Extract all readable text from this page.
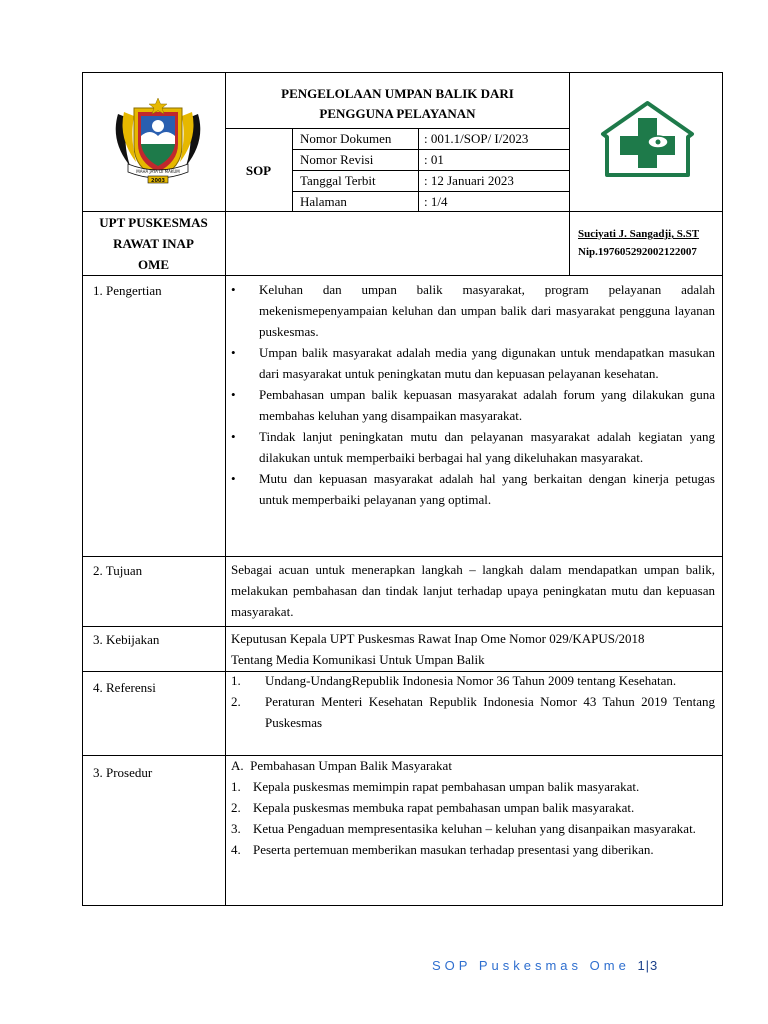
MAHA JAYA DI MAKUM
2003
PENGELOLAAN UMPAN BALIK DARI
PENGGUNA PELAYANAN
SOP
Nomor Dokumen	: 001.1/SOP/ I/2023
Nomor Revisi	: 01
Tanggal Terbit	: 12 Januari 2023
Halaman	: 1/4
UPT PUSKESMAS
RAWAT INAP
OME
Suciyati J. Sangadji, S.ST
Nip.197605292002122007
1. Pengertian	• Keluhan dan umpan balik masyarakat, program pelayanan adalah mekenismepenyampaian keluhan dan umpan balik dari masyarakat pengguna layanan puskesmas.
• Umpan balik masyarakat adalah media yang digunakan untuk mendapatkan masukan dari masyarakat untuk peningkatan mutu dan kepuasan pelayanan kesehatan.
• Pembahasan umpan balik kepuasan masyarakat adalah forum yang dilakukan guna membahas keluhan yang disampaikan masyarakat.
• Tindak lanjut peningkatan mutu dan pelayanan masyarakat adalah kegiatan yang dilakukan untuk memperbaiki berbagai hal yang dikeluhakan masyarakat.
• Mutu dan kepuasan masyarakat adalah hal yang berkaitan dengan kinerja petugas untuk memperbaiki pelayanan yang optimal.
2. Tujuan	Sebagai acuan untuk menerapkan langkah – langkah dalam mendapatkan umpan balik, melakukan pembahasan dan tindak lanjut terhadap upaya peningkatan mutu dan kepuasan masyarakat.

3. Kebijakan	Keputusan Kepala UPT Puskesmas Rawat Inap Ome Nomor 029/KAPUS/2018
Tentang Media Komunikasi Untuk Umpan Balik
4. Referensi	1. Undang-UndangRepublik Indonesia Nomor 36 Tahun 2009 tentang Kesehatan.
2. Peraturan Menteri Kesehatan Republik Indonesia Nomor 43 Tahun 2019 Tentang Puskesmas
3. Prosedur	A.  Pembahasan Umpan Balik Masyarakat
1. Kepala puskesmas memimpin rapat pembahasan umpan balik masyarakat.
2. Kepala puskesmas membuka rapat pembahasan umpan balik masyarakat.
3. Ketua Pengaduan mempresentasika keluhan – keluhan yang disanpaikan masyarakat.
4. Peserta pertemuan memberikan masukan terhadap presentasi yang diberikan.
SOP Puskesmas Ome 1|3
